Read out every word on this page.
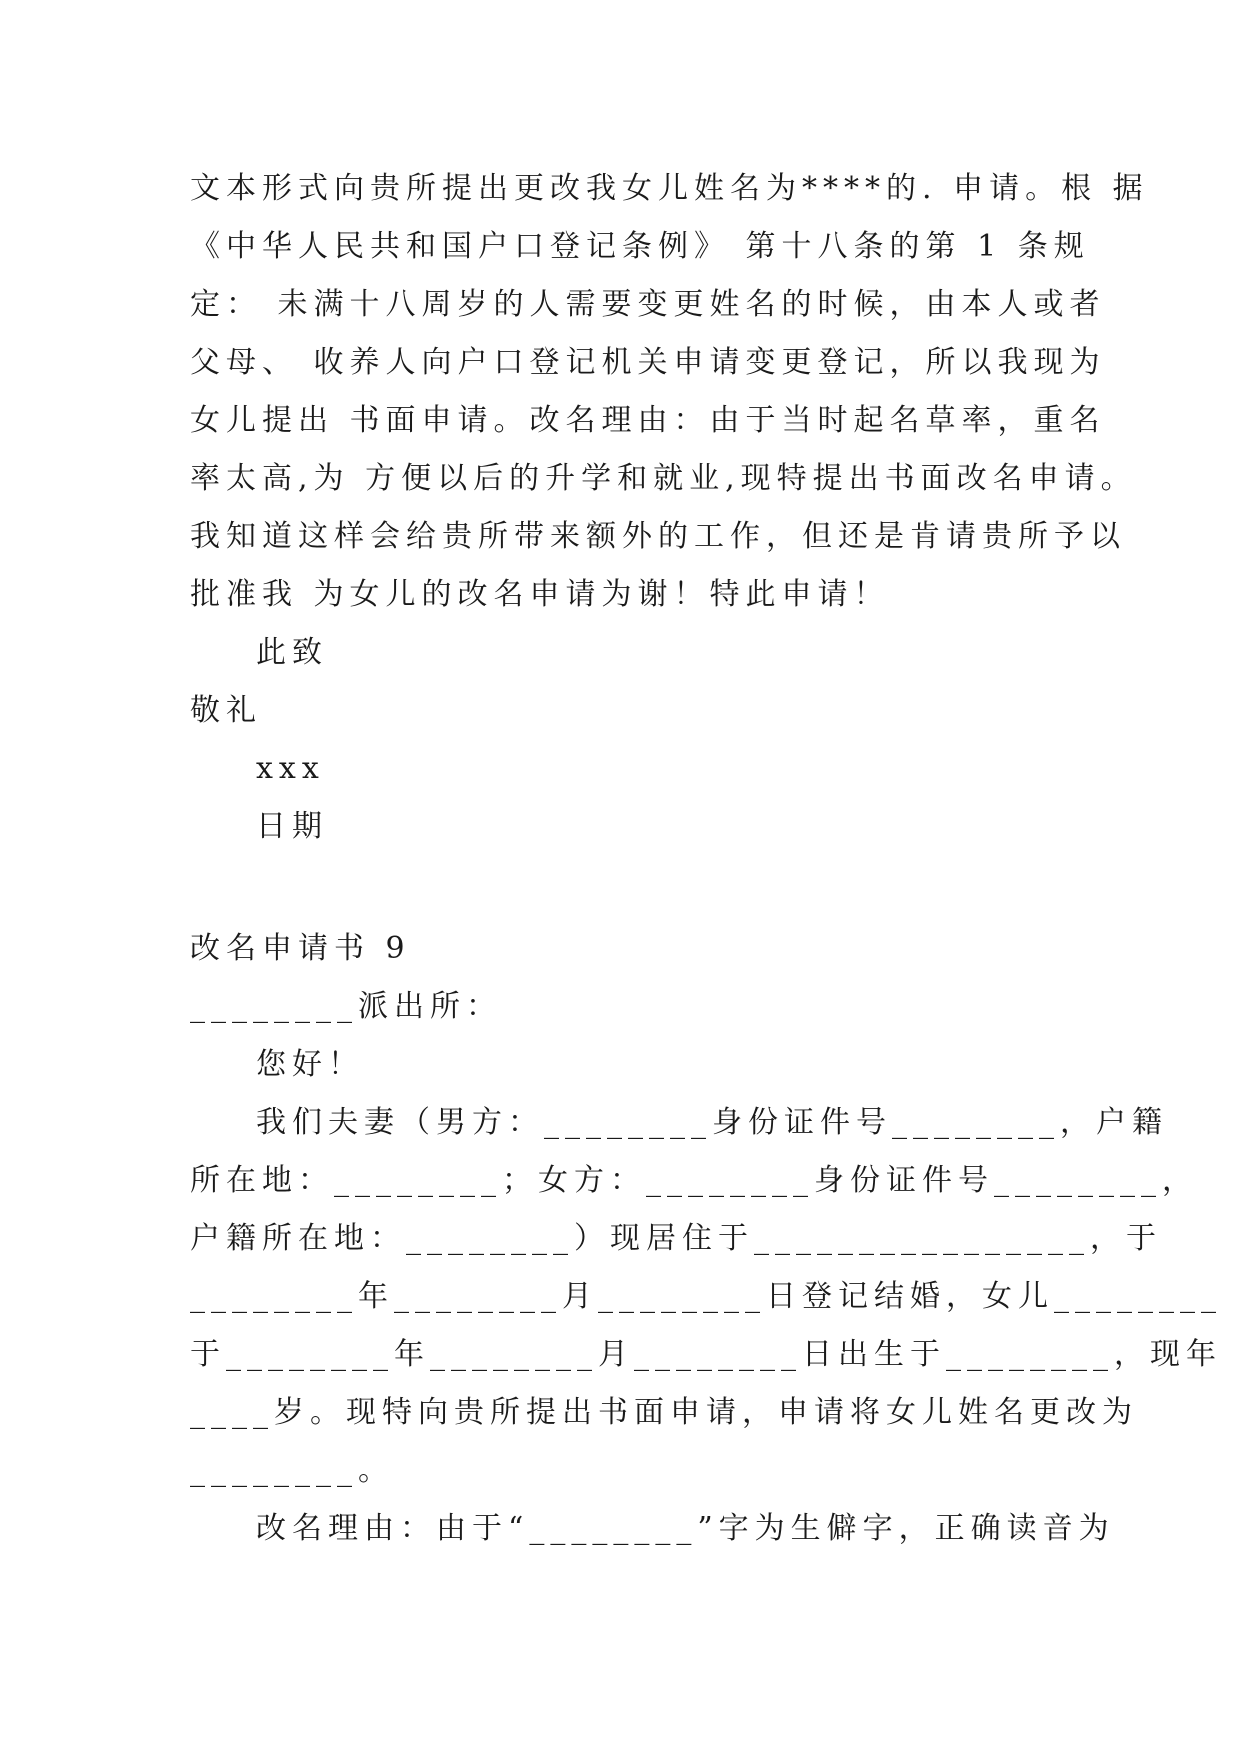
文本形式向贵所提出更改我女儿姓名为****的. 申请。根 据
《中华人民共和国户口登记条例》 第十八条的第 1 条规
定： 未满十八周岁的人需要变更姓名的时候，由本人或者
父母、 收养人向户口登记机关申请变更登记，所以我现为
女儿提出 书面申请。改名理由：由于当时起名草率，重名
率太高,为 方便以后的升学和就业,现特提出书面改名申请。
我知道这样会给贵所带来额外的工作，但还是肯请贵所予以
批准我 为女儿的改名申请为谢！特此申请！
此致
敬礼
xxx
日期
改名申请书 9
________派出所：
您好！
我们夫妻（男方：________身份证件号________，户籍
所在地：________；女方：________身份证件号________，
户籍所在地：________）现居住于________________，于
________年________月________日登记结婚，女儿________
于________年________月________日出生于________，现年
____岁。现特向贵所提出书面申请，申请将女儿姓名更改为
________。
改名理由：由于“________”字为生僻字，正确读音为
